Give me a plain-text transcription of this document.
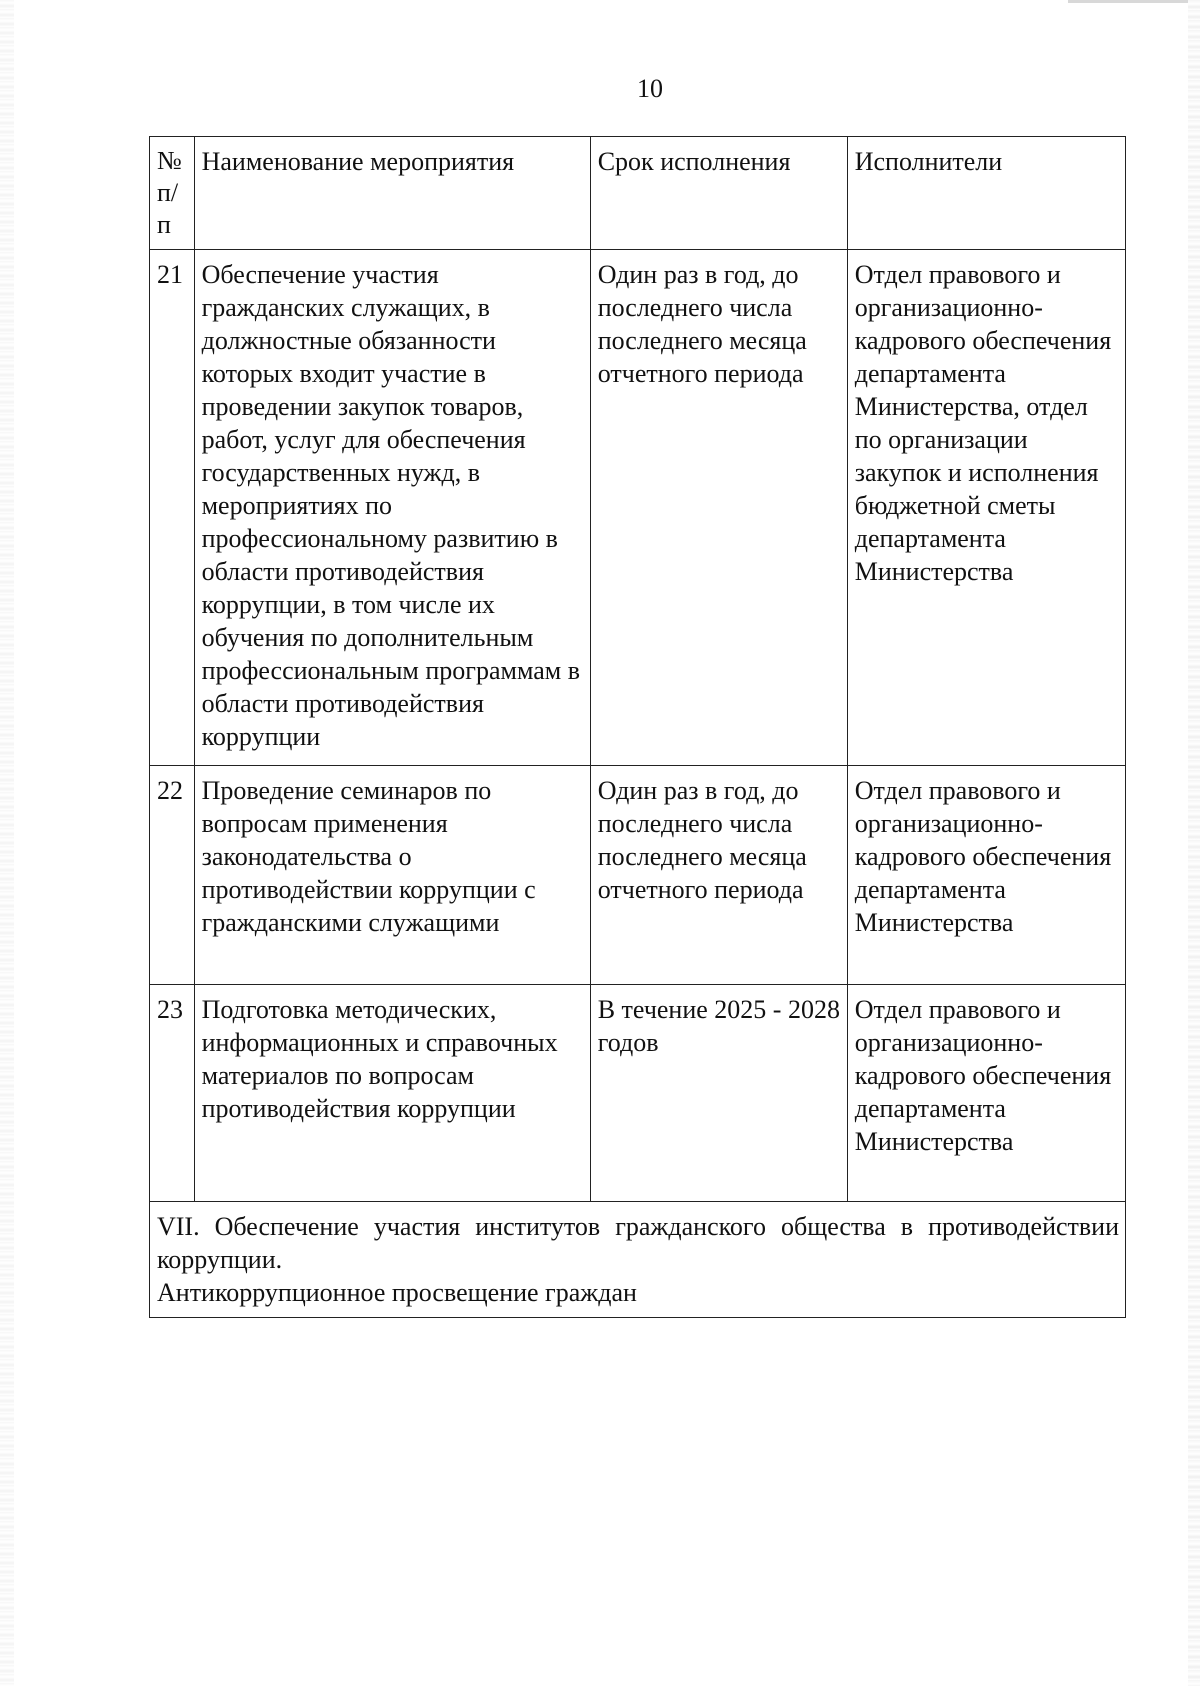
10
№ п/п	Наименование мероприятия	Срок исполнения	Исполнители
21	Обеспечение участия гражданских служащих, в должностные обязанности которых входит участие в проведении закупок товаров, работ, услуг для обеспечения государственных нужд, в мероприятиях по профессиональному развитию в области противодействия коррупции, в том числе их обучения по дополнительным профессиональным программам в области противодействия коррупции	Один раз в год, до последнего числа последнего месяца отчетного периода	Отдел правового и организационно-кадрового обеспечения департамента Министерства, отдел по организации закупок и исполнения бюджетной сметы департамента Министерства
22	Проведение семинаров по вопросам применения законодательства о противодействии коррупции с гражданскими служащими	Один раз в год, до последнего числа последнего месяца отчетного периода	Отдел правового и организационно-кадрового обеспечения департамента Министерства
23	Подготовка методических, информационных и справочных материалов по вопросам противодействия коррупции	В течение 2025 - 2028 годов	Отдел правового и организационно-кадрового обеспечения департамента Министерства

VII. Обеспечение участия институтов гражданского общества в противодействии коррупции.
Антикоррупционное просвещение граждан			
